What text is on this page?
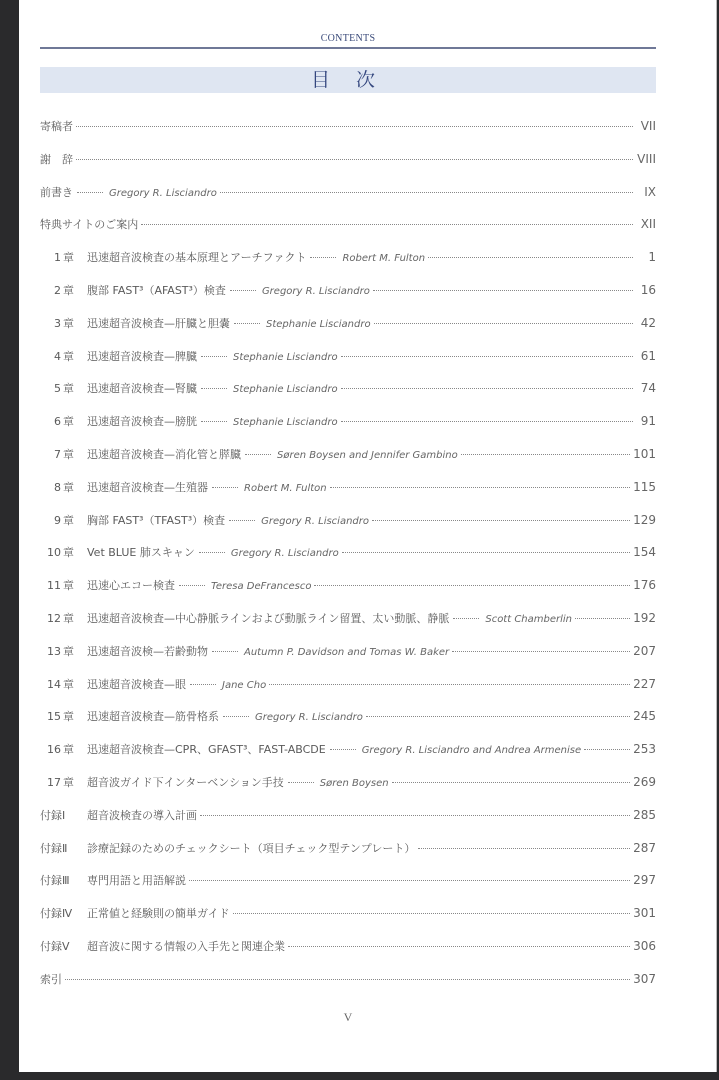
CONTENTS
目 次
寄稿者	VII
謝　辞	VIII
前書き	Gregory R. Lisciandro	IX
特典サイトのご案内	XII
1 章	迅速超音波検査の基本原理とアーチファクト	Robert M. Fulton	1
2 章	腹部 FAST³（AFAST³）検査	Gregory R. Lisciandro	16
3 章	迅速超音波検査—肝臓と胆嚢	Stephanie Lisciandro	42
4 章	迅速超音波検査—脾臓	Stephanie Lisciandro	61
5 章	迅速超音波検査—腎臓	Stephanie Lisciandro	74
6 章	迅速超音波検査—膀胱	Stephanie Lisciandro	91
7 章	迅速超音波検査—消化管と膵臓	Søren Boysen and Jennifer Gambino	101
8 章	迅速超音波検査—生殖器	Robert M. Fulton	115
9 章	胸部 FAST³（TFAST³）検査	Gregory R. Lisciandro	129
10 章	Vet BLUE 肺スキャン	Gregory R. Lisciandro	154
11 章	迅速心エコー検査	Teresa DeFrancesco	176
12 章	迅速超音波検査—中心静脈ラインおよび動脈ライン留置、太い動脈、静脈	Scott Chamberlin	192
13 章	迅速超音波検—若齢動物	Autumn P. Davidson and Tomas W. Baker	207
14 章	迅速超音波検査—眼	Jane Cho	227
15 章	迅速超音波検査—筋骨格系	Gregory R. Lisciandro	245
16 章	迅速超音波検査—CPR、GFAST³、FAST-ABCDE	Gregory R. Lisciandro and Andrea Armenise	253
17 章	超音波ガイド下インターベンション手技	Søren Boysen	269
付録Ⅰ	超音波検査の導入計画	285
付録Ⅱ	診療記録のためのチェックシート（項目チェック型テンプレート）	287
付録Ⅲ	専門用語と用語解説	297
付録Ⅳ	正常値と経験則の簡単ガイド	301
付録Ⅴ	超音波に関する情報の入手先と関連企業	306
索引	307
V
